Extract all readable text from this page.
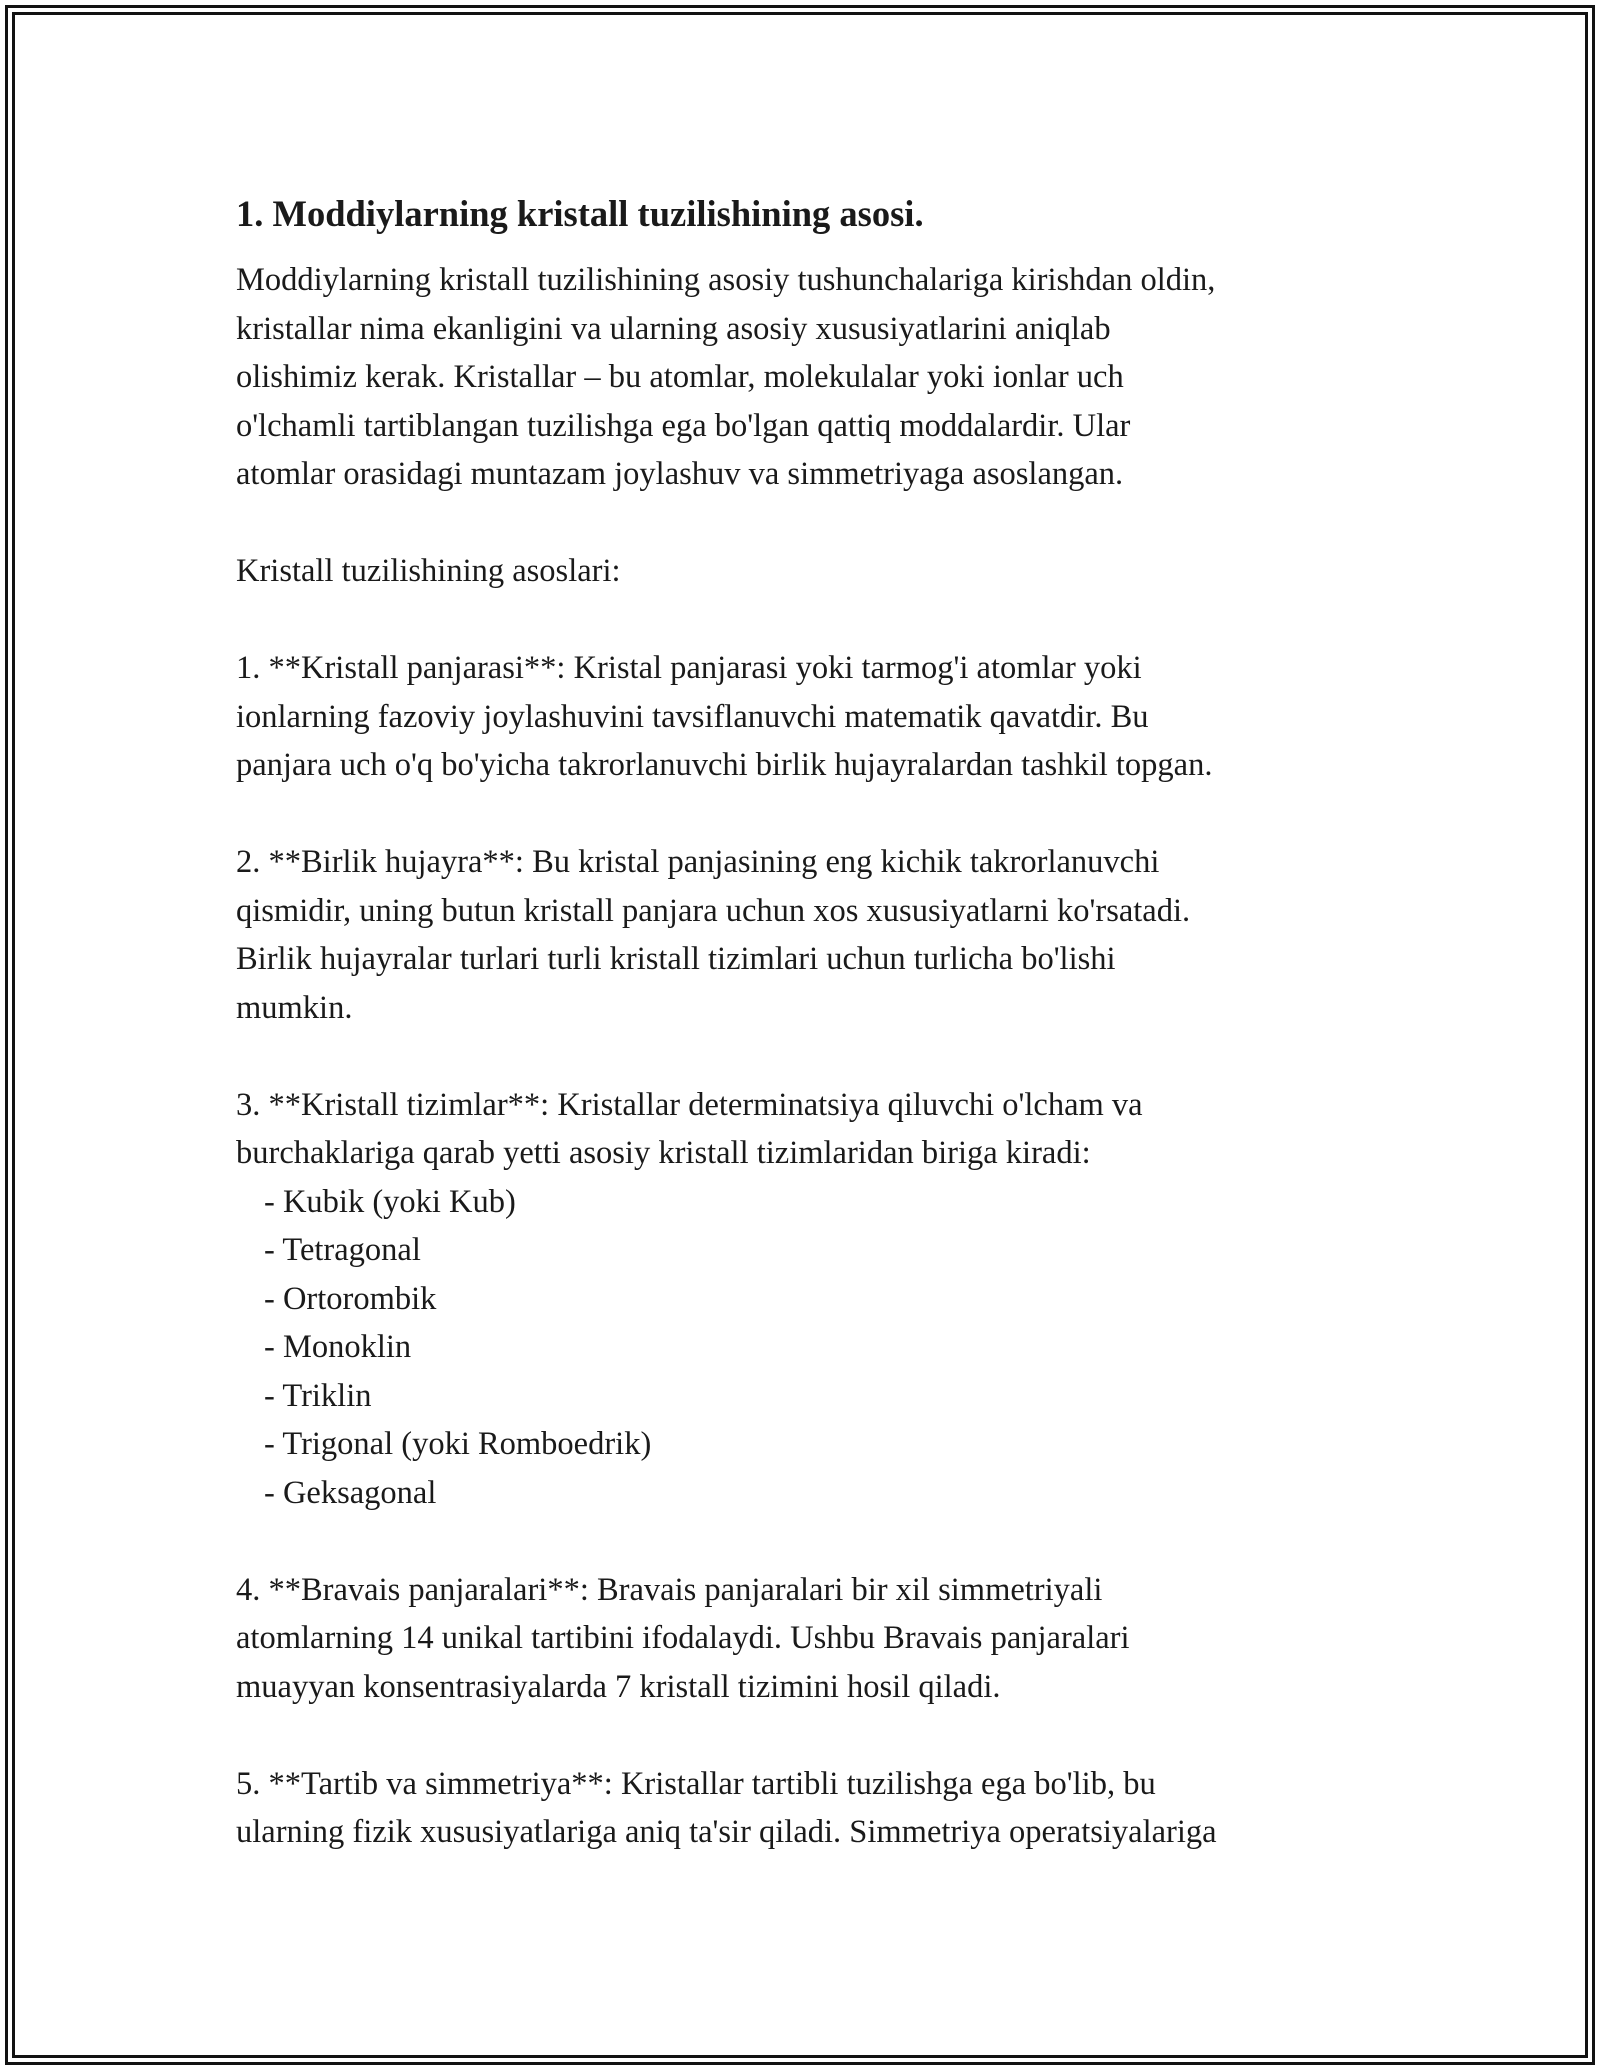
1. Moddiylarning kristall tuzilishining asosi.

Moddiylarning kristall tuzilishining asosiy tushunchalariga kirishdan oldin,
kristallar nima ekanligini va ularning asosiy xususiyatlarini aniqlab
olishimiz kerak. Kristallar – bu atomlar, molekulalar yoki ionlar uch
o'lchamli tartiblangan tuzilishga ega bo'lgan qattiq moddalardir. Ular
atomlar orasidagi muntazam joylashuv va simmetriyaga asoslangan.

Kristall tuzilishining asoslari:

1. **Kristall panjarasi**: Kristal panjarasi yoki tarmog'i atomlar yoki
ionlarning fazoviy joylashuvini tavsiflanuvchi matematik qavatdir. Bu
panjara uch o'q bo'yicha takrorlanuvchi birlik hujayralardan tashkil topgan.

2. **Birlik hujayra**: Bu kristal panjasining eng kichik takrorlanuvchi
qismidir, uning butun kristall panjara uchun xos xususiyatlarni ko'rsatadi.
Birlik hujayralar turlari turli kristall tizimlari uchun turlicha bo'lishi
mumkin.

3. **Kristall tizimlar**: Kristallar determinatsiya qiluvchi o'lcham va
burchaklariga qarab yetti asosiy kristall tizimlaridan biriga kiradi:

- Kubik (yoki Kub)
- Tetragonal
- Ortorombik
- Monoklin
- Triklin
- Trigonal (yoki Romboedrik)
- Geksagonal

4. **Bravais panjaralari**: Bravais panjaralari bir xil simmetriyali
atomlarning 14 unikal tartibini ifodalaydi. Ushbu Bravais panjaralari
muayyan konsentrasiyalarda 7 kristall tizimini hosil qiladi.

5. **Tartib va simmetriya**: Kristallar tartibli tuzilishga ega bo'lib, bu
ularning fizik xususiyatlariga aniq ta'sir qiladi. Simmetriya operatsiyalariga
